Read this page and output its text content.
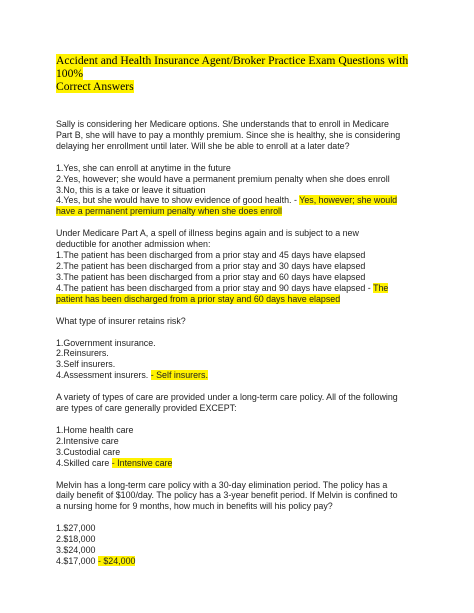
Accident and Health Insurance Agent/Broker Practice Exam Questions with 100%
Correct Answers
Sally is considering her Medicare options. She understands that to enroll in Medicare
Part B, she will have to pay a monthly premium. Since she is healthy, she is considering
delaying her enrollment until later. Will she be able to enroll at a later date?
1.Yes, she can enroll at anytime in the future
2.Yes, however; she would have a permanent premium penalty when she does enroll
3.No, this is a take or leave it situation
4.Yes, but she would have to show evidence of good health. - Yes, however; she would
have a permanent premium penalty when she does enroll
Under Medicare Part A, a spell of illness begins again and is subject to a new
deductible for another admission when:
1.The patient has been discharged from a prior stay and 45 days have elapsed
2.The patient has been discharged from a prior stay and 30 days have elapsed
3.The patient has been discharged from a prior stay and 60 days have elapsed
4.The patient has been discharged from a prior stay and 90 days have elapsed - The
patient has been discharged from a prior stay and 60 days have elapsed
What type of insurer retains risk?
1.Government insurance.
2.Reinsurers.
3.Self insurers.
4.Assessment insurers. - Self insurers.
A variety of types of care are provided under a long-term care policy. All of the following
are types of care generally provided EXCEPT:
1.Home health care
2.Intensive care
3.Custodial care
4.Skilled care - Intensive care
Melvin has a long-term care policy with a 30-day elimination period. The policy has a
daily benefit of $100/day. The policy has a 3-year benefit period. If Melvin is confined to
a nursing home for 9 months, how much in benefits will his policy pay?
1.$27,000
2.$18,000
3.$24,000
4.$17,000 - $24,000
